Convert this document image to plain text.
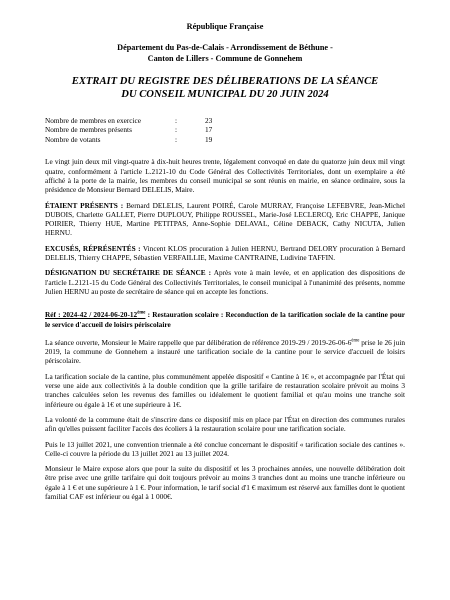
République Française
Département du Pas-de-Calais - Arrondissement de Béthune -
Canton de Lillers - Commune de Gonnehem
EXTRAIT DU REGISTRE DES DÉLIBERATIONS DE LA SÉANCE
DU CONSEIL MUNICIPAL DU 20 JUIN 2024
Nombre de membres en exercice	:	23
Nombre de membres présents	:	17
Nombre de votants	:	19

Le vingt juin deux mil vingt-quatre à dix-huit heures trente, légalement convoqué en date du quatorze juin deux mil vingt quatre, conformément à l'article L.2121-10 du Code Général des Collectivités Territoriales, dont un exemplaire a été affiché à la porte de la mairie, les membres du conseil municipal se sont réunis en mairie, en séance ordinaire, sous la présidence de Monsieur Bernard DELELIS, Maire.

ÉTAIENT PRÉSENTS : Bernard DELELIS, Laurent POIRÉ, Carole MURRAY, Françoise LEFEBVRE, Jean-Michel DUBOIS, Charlette GALLET, Pierre DUPLOUY, Philippe ROUSSEL, Marie-José LECLERCQ, Eric CHAPPE, Janique POIRIER, Thierry HUE, Martine PETITPAS, Anne-Sophie DELAVAL, Céline DEBACK, Cathy NICUTA, Julien HERNU.

EXCUSÉS, RÉPRÉSENTÉS : Vincent KLOS procuration à Julien HERNU, Bertrand DELORY procuration à Bernard DELELIS, Thierry CHAPPE, Sébastien VERFAILLIE, Maxime CANTRAINE, Ludivine TAFFIN.

DÉSIGNATION DU SECRÉTAIRE DE SÉANCE : Après vote à main levée, et en application des dispositions de l'article L.2121-15 du Code Général des Collectivités Territoriales, le conseil municipal à l'unanimité des présents, nomme Julien HERNU au poste de secrétaire de séance qui en accepte les fonctions.

Réf : 2024-42 / 2024-06-20-12ème : Restauration scolaire : Reconduction de la tarification sociale de la cantine pour le service d'accueil de loisirs périscolaire

La séance ouverte, Monsieur le Maire rappelle que par délibération de référence 2019-29 / 2019-26-06-6ème prise le 26 juin 2019, la commune de Gonnehem a instauré une tarification sociale de la cantine pour le service d'accueil de loisirs périscolaire.

La tarification sociale de la cantine, plus communément appelée dispositif « Cantine à 1€ », et accompagnée par l'État qui verse une aide aux collectivités à la double condition que la grille tarifaire de restauration scolaire prévoit au moins 3 tranches calculées selon les revenus des familles ou idéalement le quotient familial et qu'au moins une tranche soit inférieure ou égale à 1€ et une supérieure à 1€.

La volonté de la commune était de s'inscrire dans ce dispositif mis en place par l'État en direction des communes rurales afin qu'elles puissent faciliter l'accès des écoliers à la restauration scolaire pour une tarification sociale.

Puis le 13 juillet 2021, une convention triennale a été conclue concernant le dispositif « tarification sociale des cantines ». Celle-ci couvre la période du 13 juillet 2021 au 13 juillet 2024.

Monsieur le Maire expose alors que pour la suite du dispositif et les 3 prochaines années, une nouvelle délibération doit être prise avec une grille tarifaire qui doit toujours prévoir au moins 3 tranches dont au moins une tranche inférieure ou égale à 1 € et une supérieure à 1 €. Pour information, le tarif social d'1 € maximum est réservé aux familles dont le quotient familial CAF est inférieur ou égal à 1 000€.
